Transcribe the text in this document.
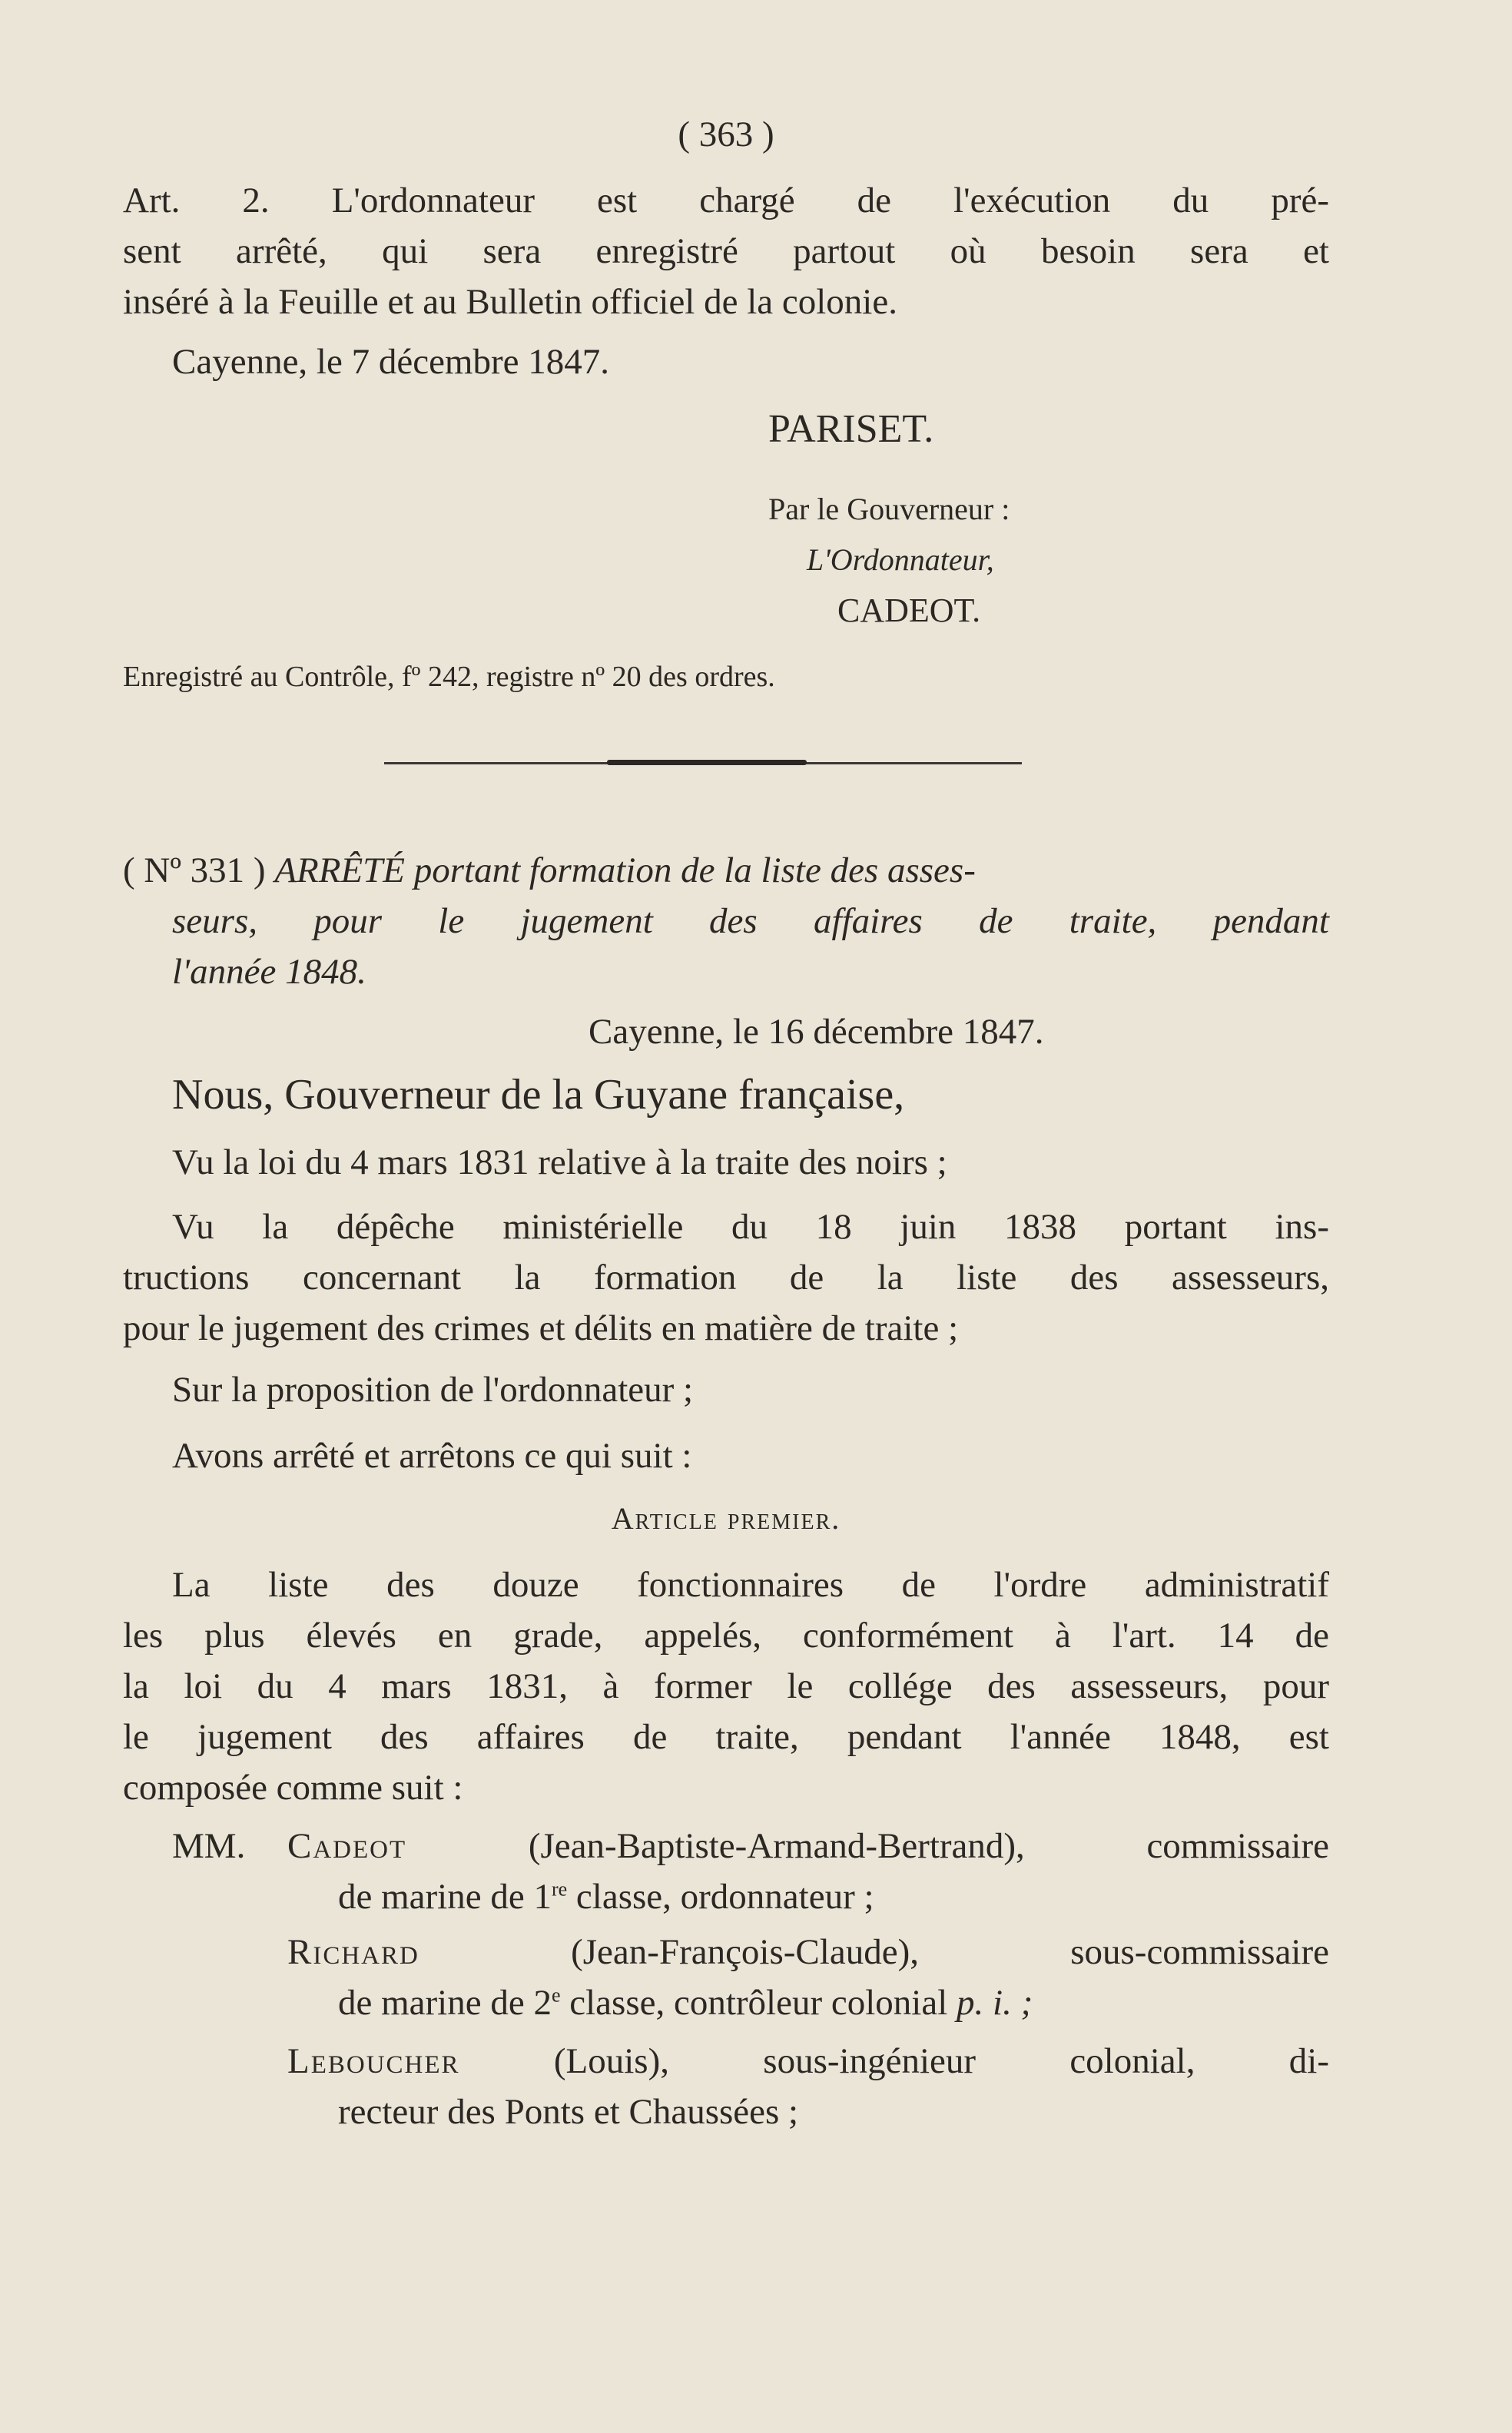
( 363 )
Art. 2. L'ordonnateur est chargé de l'exécution du pré-
sent arrêté, qui sera enregistré partout où besoin sera et
inséré à la Feuille et au Bulletin officiel de la colonie.
Cayenne, le 7 décembre 1847.
PARISET.
Par le Gouverneur :
L'Ordonnateur,
CADEOT.
Enregistré au Contrôle, fº 242, registre nº 20 des ordres.
( Nº 331 ) ARRÊTÉ portant formation de la liste des asses-
seurs, pour le jugement des affaires de traite, pendant
l'année 1848.
Cayenne, le 16 décembre 1847.
Nous, Gouverneur de la Guyane française,
Vu la loi du 4 mars 1831 relative à la traite des noirs ;
Vu la dépêche ministérielle du 18 juin 1838 portant ins-
tructions concernant la formation de la liste des assesseurs,
pour le jugement des crimes et délits en matière de traite ;
Sur la proposition de l'ordonnateur ;
Avons arrêté et arrêtons ce qui suit :
Article premier.
La liste des douze fonctionnaires de l'ordre administratif
les plus élevés en grade, appelés, conformément à l'art. 14 de
la loi du 4 mars 1831, à former le collége des assesseurs, pour
le jugement des affaires de traite, pendant l'année 1848, est
composée comme suit :
MM.	Cadeot	(Jean-Baptiste-Armand-Bertrand), commissaire
de marine de 1re classe, ordonnateur ;
Richard	(Jean-François-Claude), sous-commissaire
de marine de 2e classe, contrôleur colonial p. i. ;
Leboucher	(Louis), sous-ingénieur colonial, di-
recteur des Ponts et Chaussées ;
